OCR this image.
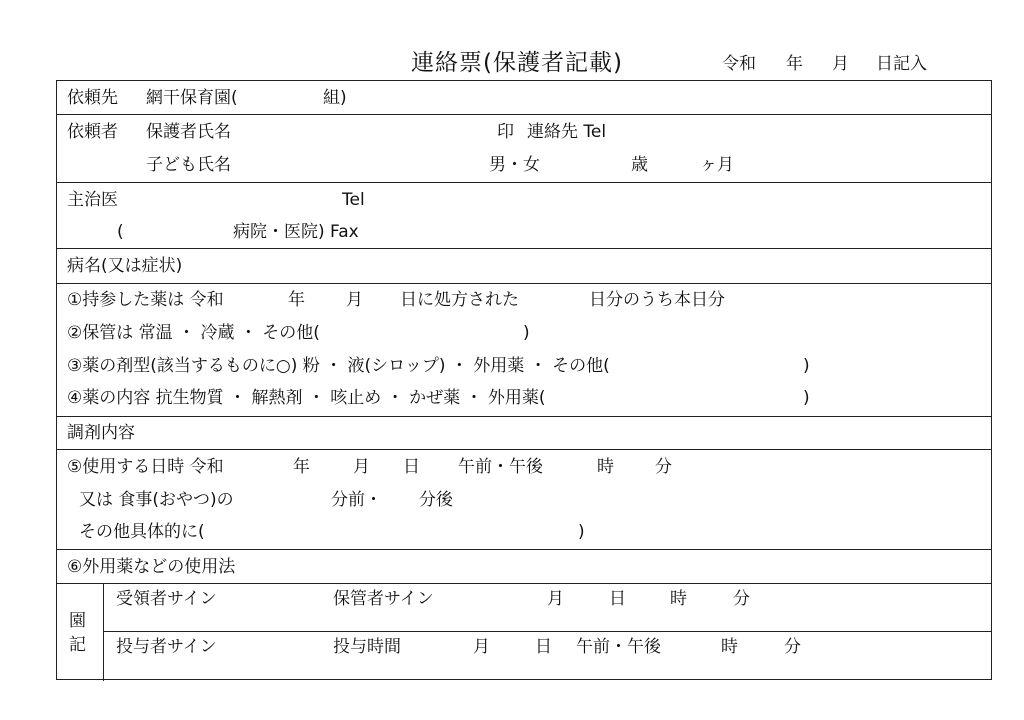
連絡票(保護者記載)	令和 年 月 日記入
依頼先 網干保育園(	組)
依頼者 保護者氏名	印 連絡先 Tel
子ども氏名	男・女	歳	ヶ月
主治医	Tel
(	病院・医院) Fax
病名(又は症状)
①持参した薬は 令和	年 月 日に処方された	日分のうち本日分
②保管は 常温 ・ 冷蔵 ・ その他(	)
③薬の剤型(該当するものに○) 粉 ・ 液(シロップ) ・ 外用薬 ・ その他(	)
④薬の内容 抗生物質 ・ 解熱剤 ・ 咳止め ・ かぜ薬 ・ 外用薬(	)
調剤内容
⑤使用する日時 令和	年	月 日 午前・午後	時 分
又は 食事(おやつ)の	分前・ 分後
その他具体的に(	)
⑥外用薬などの使用法
園
記
受領者サイン	保管者サイン	月	日	時	分
投与者サイン	投与時間	月	日 午前・午後	時	分
